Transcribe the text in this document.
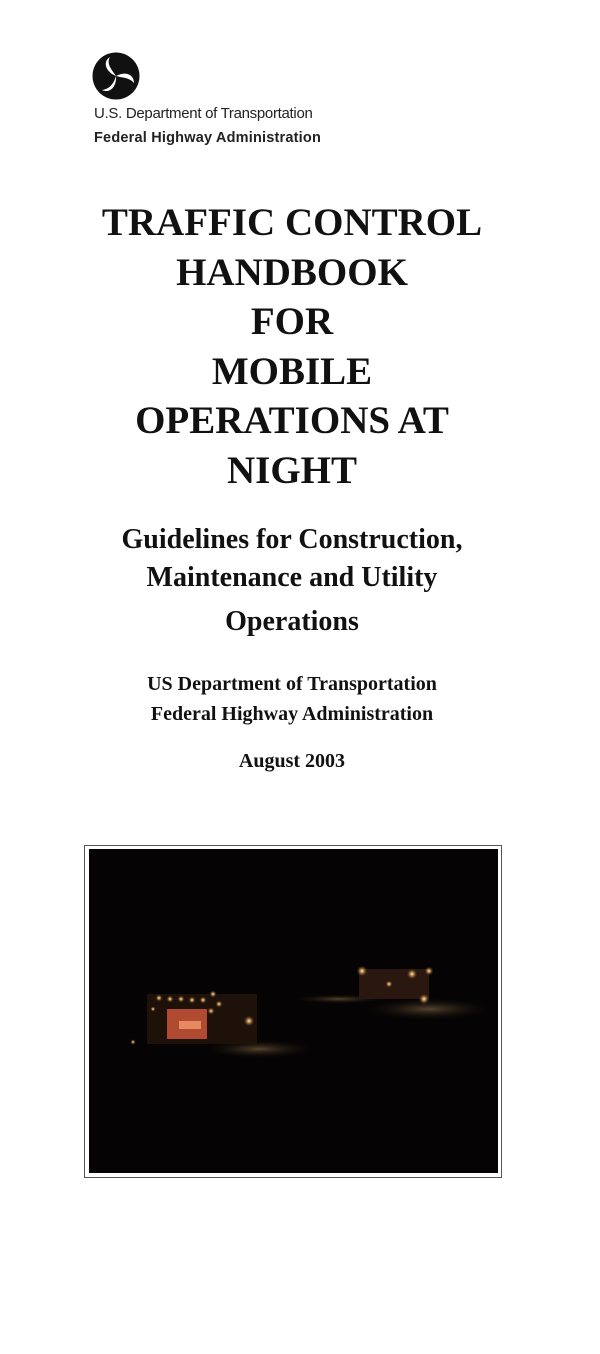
U.S. Department of Transportation
Federal Highway Administration
TRAFFIC CONTROL
HANDBOOK
FOR
MOBILE
OPERATIONS AT
NIGHT
Guidelines for Construction,
Maintenance and Utility
Operations
US Department of Transportation
Federal Highway Administration
August 2003
